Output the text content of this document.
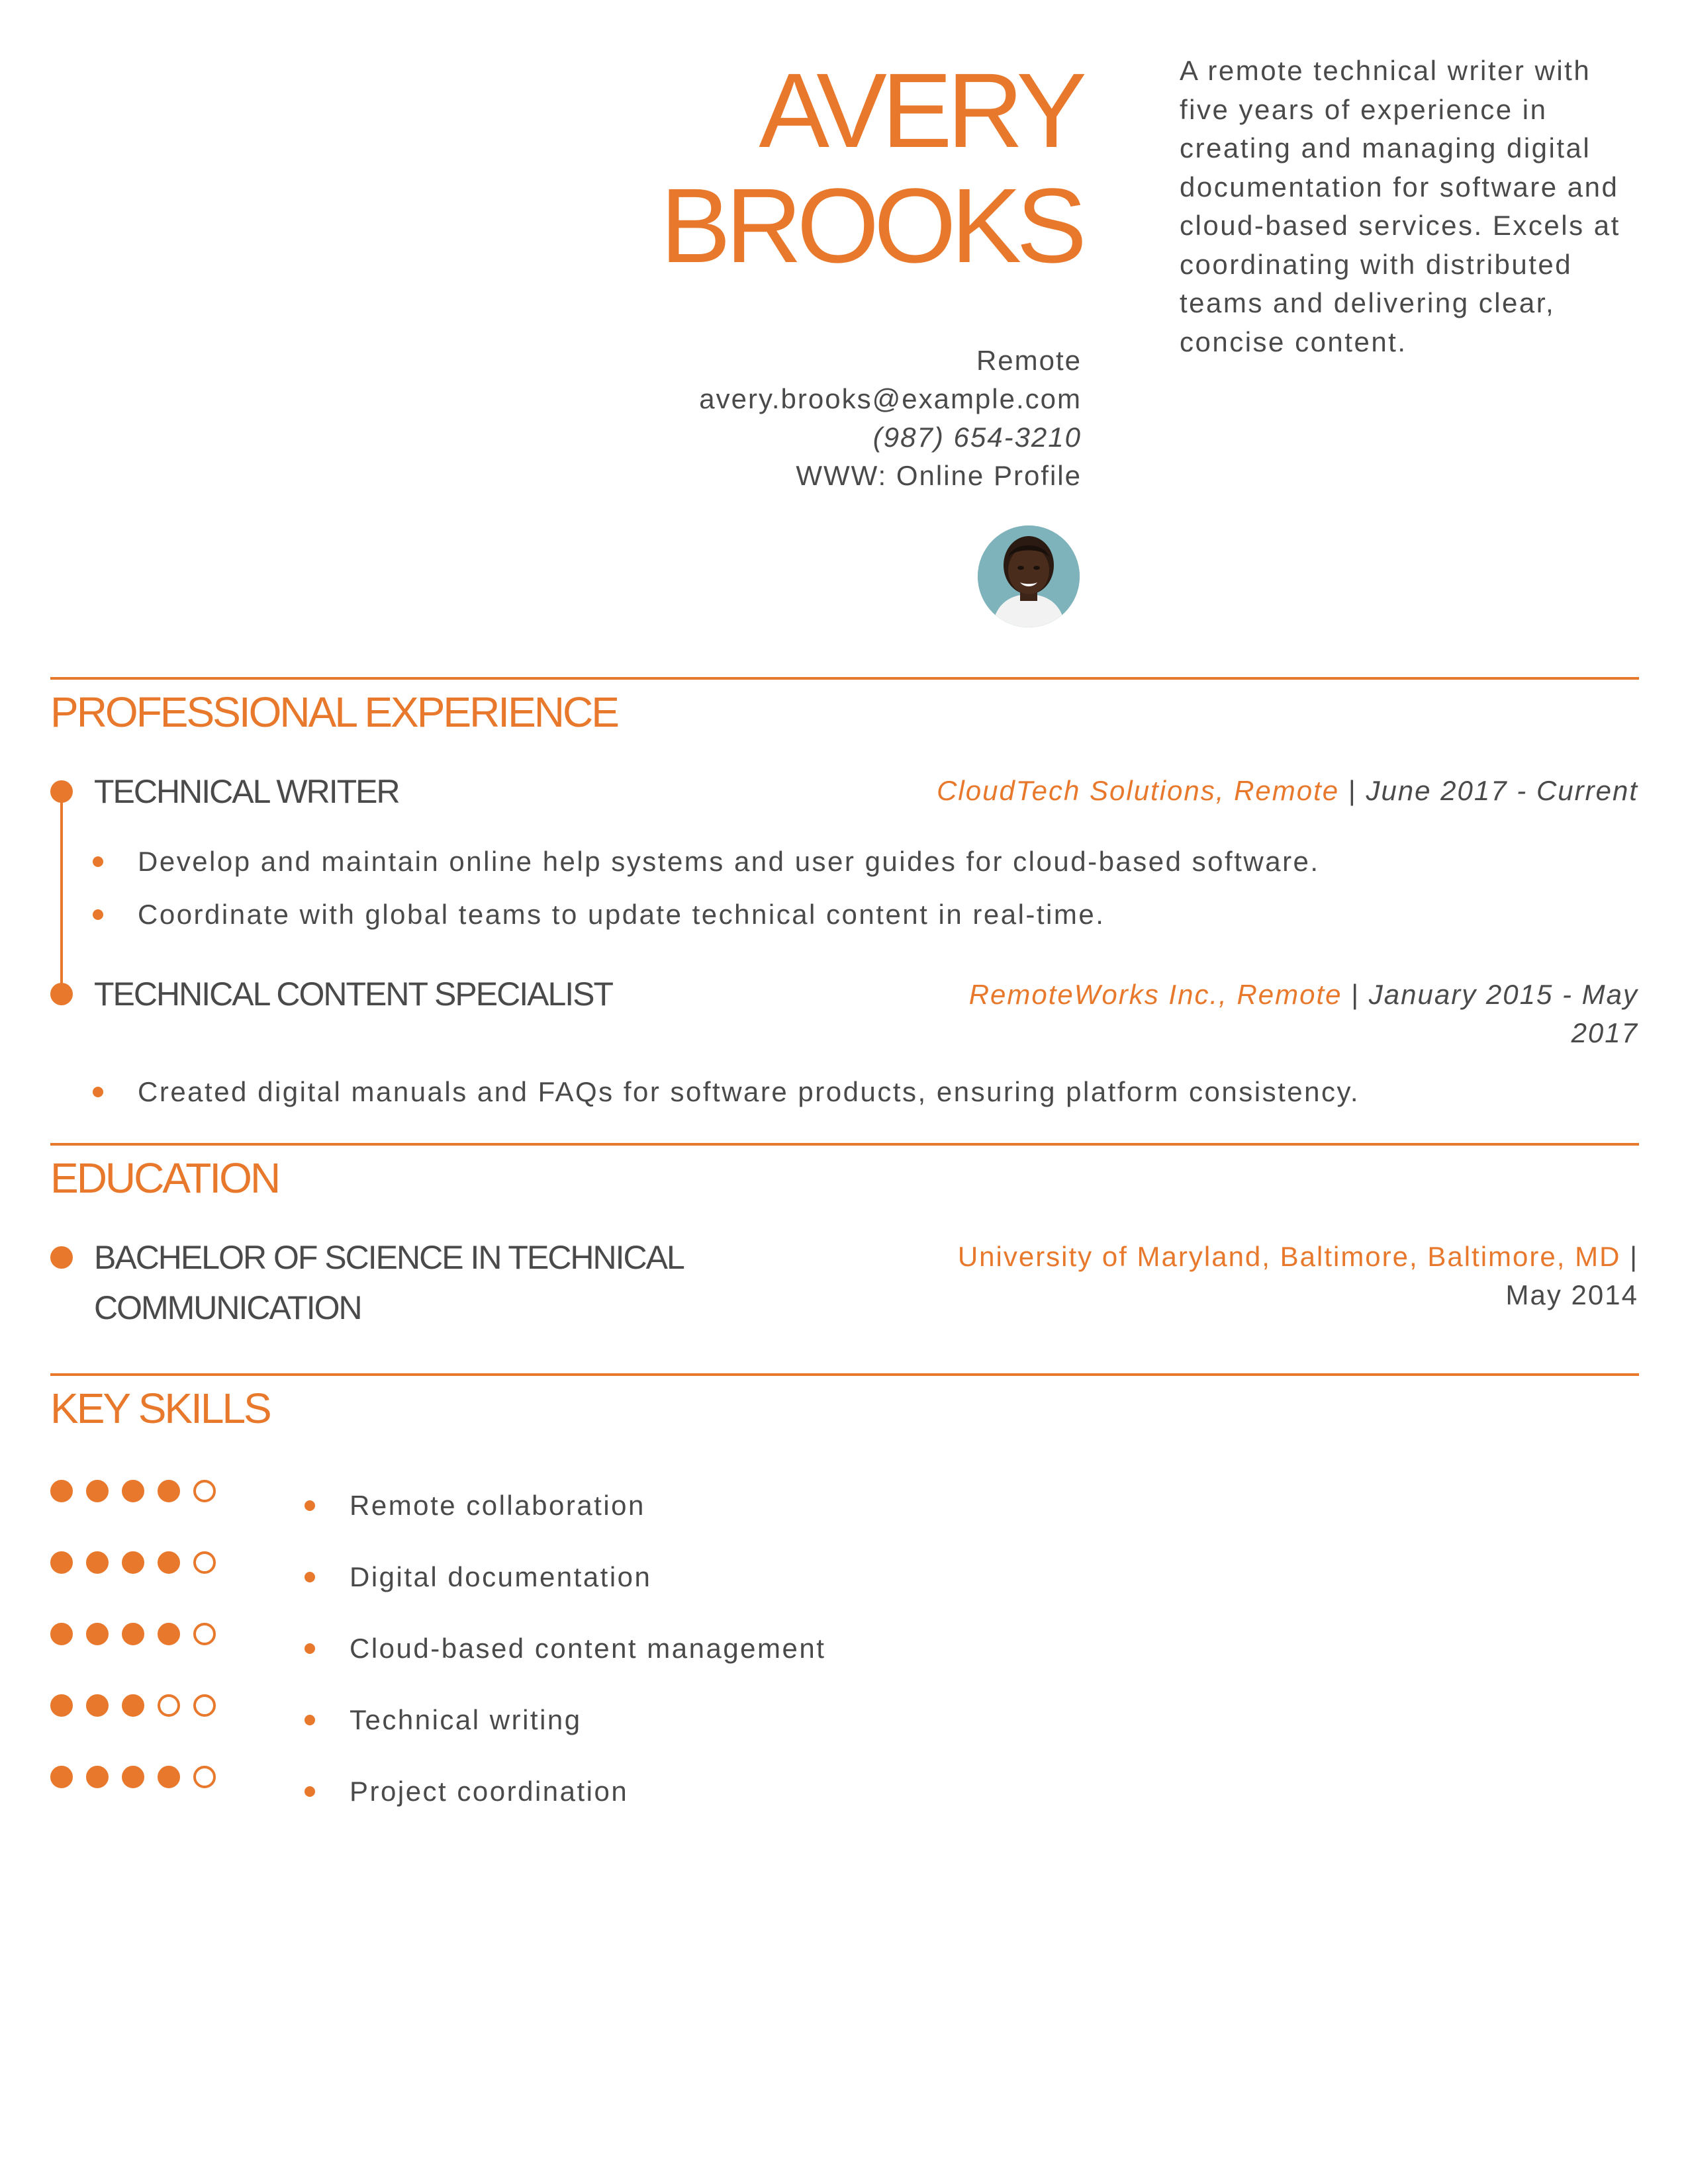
AVERY
BROOKS
Remote
avery.brooks@example.com
(987) 654-3210
WWW: Online Profile
A remote technical writer with five years of experience in creating and managing digital documentation for software and cloud-based services. Excels at coordinating with distributed teams and delivering clear, concise content.
PROFESSIONAL EXPERIENCE
TECHNICAL WRITER	CloudTech Solutions, Remote | June 2017 - Current
Develop and maintain online help systems and user guides for cloud-based software.
Coordinate with global teams to update technical content in real-time.
TECHNICAL CONTENT SPECIALIST	RemoteWorks Inc., Remote | January 2015 - May
2017
Created digital manuals and FAQs for software products, ensuring platform consistency.
EDUCATION
BACHELOR OF SCIENCE IN TECHNICAL
COMMUNICATION
University of Maryland, Baltimore, Baltimore, MD |
May 2014
KEY SKILLS
Remote collaboration
Digital documentation
Cloud-based content management
Technical writing
Project coordination
